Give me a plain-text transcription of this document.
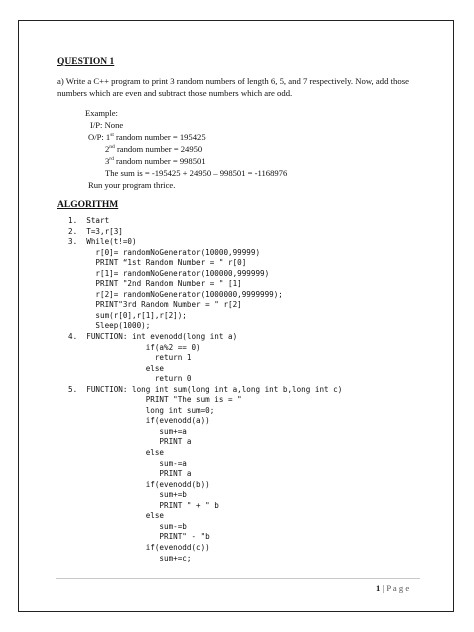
QUESTION 1
a) Write a C++ program to print 3 random numbers of length 6, 5, and 7 respectively. Now, add those numbers which are even and subtract those numbers which are odd.
Example:
I/P: None
O/P: 1st random number = 195425
2nd random number = 24950
3rd random number = 998501
The sum is = -195425 + 24950 – 998501 = -1168976
Run your program thrice.
ALGORITHM
1.  Start
2.  T=3,r[3]
3.  While(t!=0)
r[0]= randomNoGenerator(10000,99999)
PRINT “1st Random Number = " r[0]
r[1]= randomNoGenerator(100000,999999)
PRINT "2nd Random Number = " [1]
r[2]= randomNoGenerator(1000000,9999999);
PRINT"3rd Random Number = " r[2]
sum(r[0],r[1],r[2]);
Sleep(1000);
4.  FUNCTION: int evenodd(long int a)
if(a%2 == 0)
return 1
else
return 0
5.  FUNCTION: long int sum(long int a,long int b,long int c)
PRINT "The sum is = "
long int sum=0;
if(evenodd(a))
sum+=a
PRINT a
else
sum-=a
PRINT a
if(evenodd(b))
sum+=b
PRINT " + " b
else
sum-=b
PRINT" - "b
if(evenodd(c))
sum+=c;
1 | P a g e
